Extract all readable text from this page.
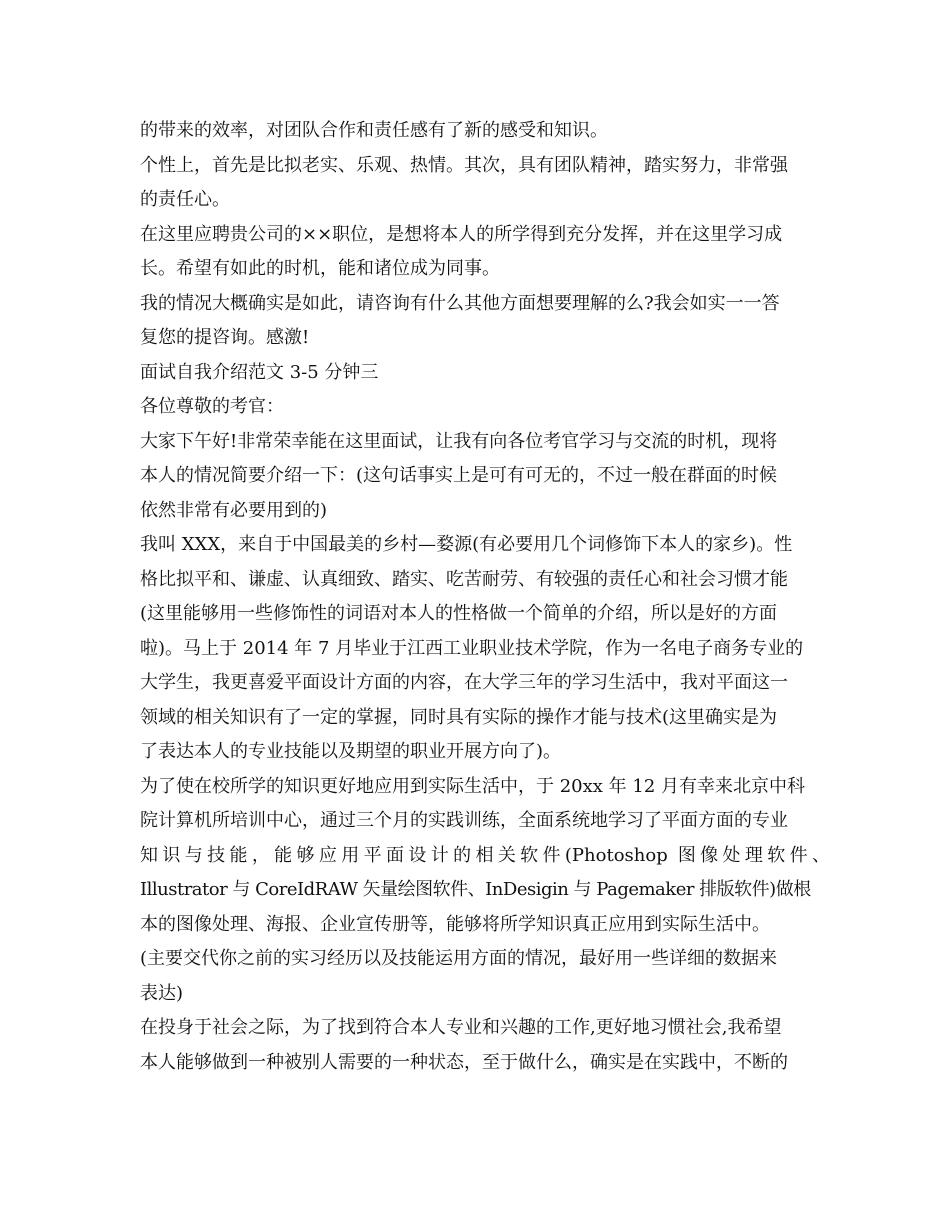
的带来的效率，对团队合作和责任感有了新的感受和知识。
个性上，首先是比拟老实、乐观、热情。其次，具有团队精神，踏实努力，非常强
的责任心。
在这里应聘贵公司的××职位，是想将本人的所学得到充分发挥，并在这里学习成
长。希望有如此的时机，能和诸位成为同事。
我的情况大概确实是如此，请咨询有什么其他方面想要理解的么?我会如实一一答
复您的提咨询。感激!
面试自我介绍范文 3-5 分钟三
各位尊敬的考官：
大家下午好!非常荣幸能在这里面试，让我有向各位考官学习与交流的时机，现将
本人的情况简要介绍一下：(这句话事实上是可有可无的，不过一般在群面的时候
依然非常有必要用到的)
我叫 XXX，来自于中国最美的乡村—婺源(有必要用几个词修饰下本人的家乡)。性
格比拟平和、谦虚、认真细致、踏实、吃苦耐劳、有较强的责任心和社会习惯才能
(这里能够用一些修饰性的词语对本人的性格做一个简单的介绍，所以是好的方面
啦)。马上于 2014 年 7 月毕业于江西工业职业技术学院，作为一名电子商务专业的
大学生，我更喜爱平面设计方面的内容，在大学三年的学习生活中，我对平面这一
领域的相关知识有了一定的掌握，同时具有实际的操作才能与技术(这里确实是为
了表达本人的专业技能以及期望的职业开展方向了)。
为了使在校所学的知识更好地应用到实际生活中，于 20xx 年 12 月有幸来北京中科
院计算机所培训中心，通过三个月的实践训练，全面系统地学习了平面方面的专业
知识与技能，能够应用平面设计的相关软件(Photoshop 图像处理软件、
Illustrator 与 CoreIdRAW 矢量绘图软件、InDesigin 与 Pagemaker 排版软件)做根
本的图像处理、海报、企业宣传册等，能够将所学知识真正应用到实际生活中。
(主要交代你之前的实习经历以及技能运用方面的情况，最好用一些详细的数据来
表达)
在投身于社会之际，为了找到符合本人专业和兴趣的工作,更好地习惯社会,我希望
本人能够做到一种被别人需要的一种状态，至于做什么，确实是在实践中，不断的
